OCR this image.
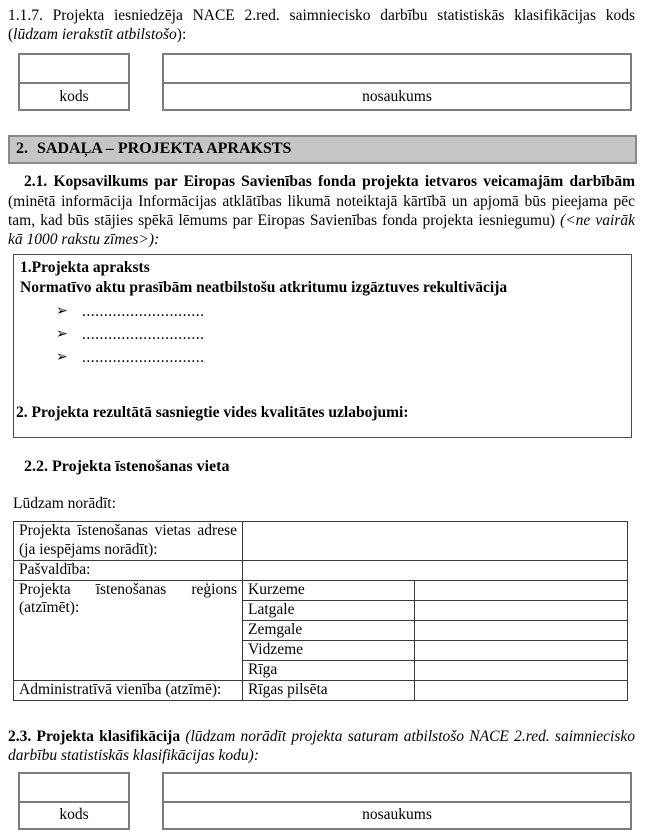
1.1.7. Projekta iesniedzēja NACE 2.red. saimniecisko darbību statistiskās klasifikācijas kods (lūdzam ierakstīt atbilstošo):

kods	nosaukums
2. SADAĻA – PROJEKTA APRAKSTS

2.1. Kopsavilkums par Eiropas Savienības fonda projekta ietvaros veicamajām darbībām (minētā informācija Informācijas atklātības likumā noteiktajā kārtībā un apjomā būs pieejama pēc tam, kad būs stājies spēkā lēmums par Eiropas Savienības fonda projekta iesniegumu) (<ne vairāk kā 1000 rakstu zīmes>):

1.Projekta apraksts
Normatīvo aktu prasībām neatbilstošu atkritumu izgāztuves rekultivācija
➢ ............................
➢ ............................
➢ ............................
2. Projekta rezultātā sasniegtie vides kvalitātes uzlabojumi:
2.2. Projekta īstenošanas vieta

Lūdzam norādīt:

Projekta īstenošanas vietas adrese (ja iespējams norādīt):		
Pašvaldība:		
Projekta īstenošanas reģions (atzīmēt):	Kurzeme	
	Latgale	
	Zemgale	
	Vidzeme	
	Rīga	
Administratīvā vienība (atzīmē):	Rīgas pilsēta	

2.3. Projekta klasifikācija (lūdzam norādīt projekta saturam atbilstošo NACE 2.red. saimniecisko darbību statistiskās klasifikācijas kodu):

kods	nosaukums
